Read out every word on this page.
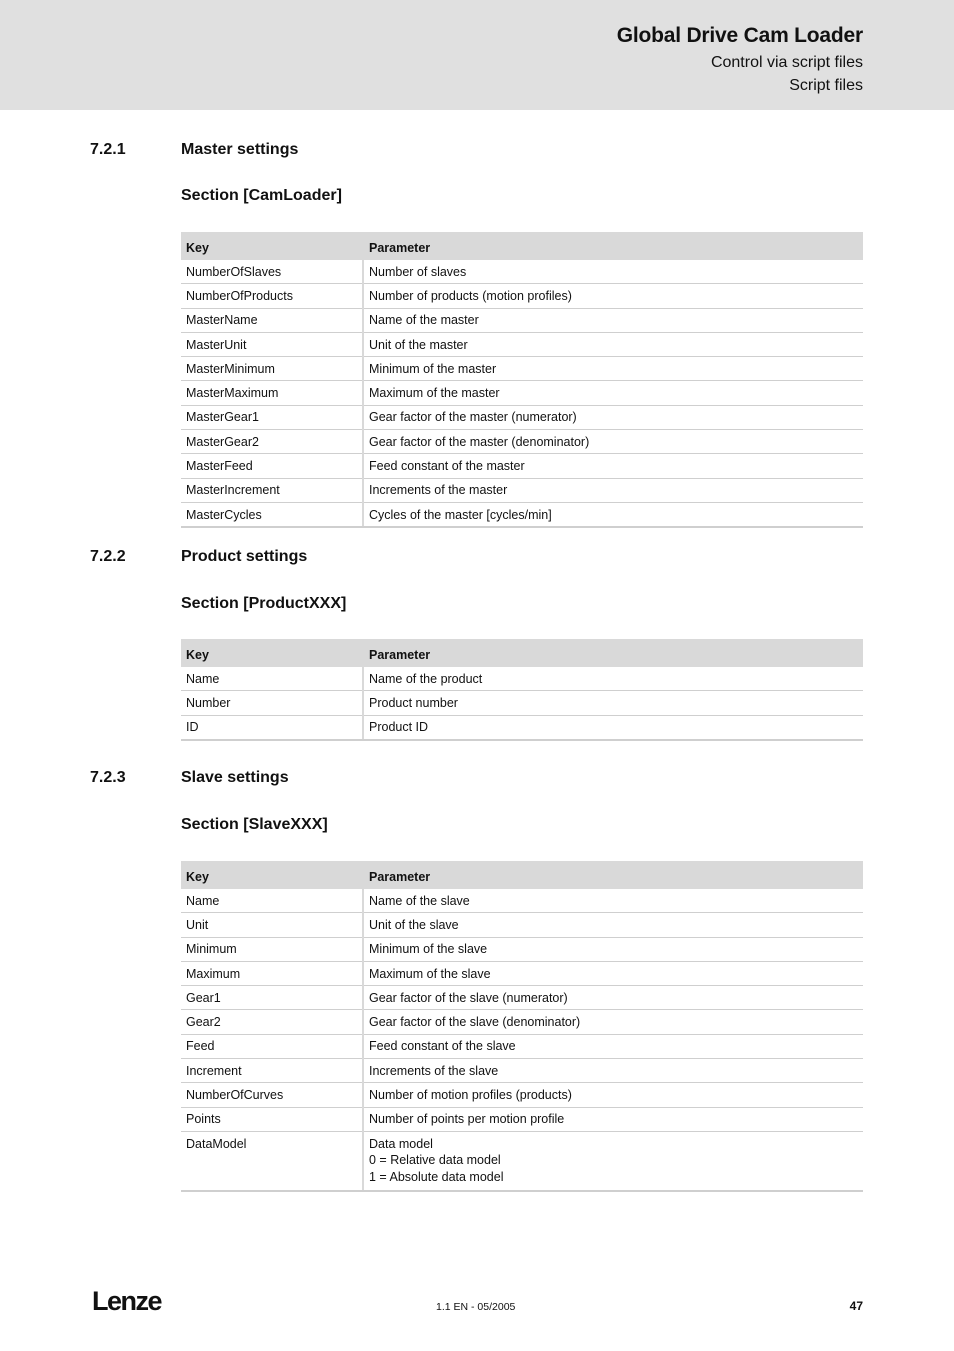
Global Drive Cam Loader
Control via script files
Script files
7.2.1	Master settings
Section [CamLoader]
Key	Parameter
NumberOfSlaves	Number of slaves
NumberOfProducts	Number of products (motion profiles)
MasterName	Name of the master
MasterUnit	Unit of the master
MasterMinimum	Minimum of the master
MasterMaximum	Maximum of the master
MasterGear1	Gear factor of the master (numerator)
MasterGear2	Gear factor of the master (denominator)
MasterFeed	Feed constant of the master
MasterIncrement	Increments of the master
MasterCycles	Cycles of the master [cycles/min]
7.2.2	Product settings
Section [ProductXXX]
Key	Parameter
Name	Name of the product
Number	Product number
ID	Product ID
7.2.3	Slave settings
Section [SlaveXXX]
Key	Parameter
Name	Name of the slave
Unit	Unit of the slave
Minimum	Minimum of the slave
Maximum	Maximum of the slave
Gear1	Gear factor of the slave (numerator)
Gear2	Gear factor of the slave (denominator)
Feed	Feed constant of the slave
Increment	Increments of the slave
NumberOfCurves	Number of motion profiles (products)
Points	Number of points per motion profile
DataModel	Data model
0 = Relative data model
1 = Absolute data model
Lenze	1.1 EN - 05/2005	47
